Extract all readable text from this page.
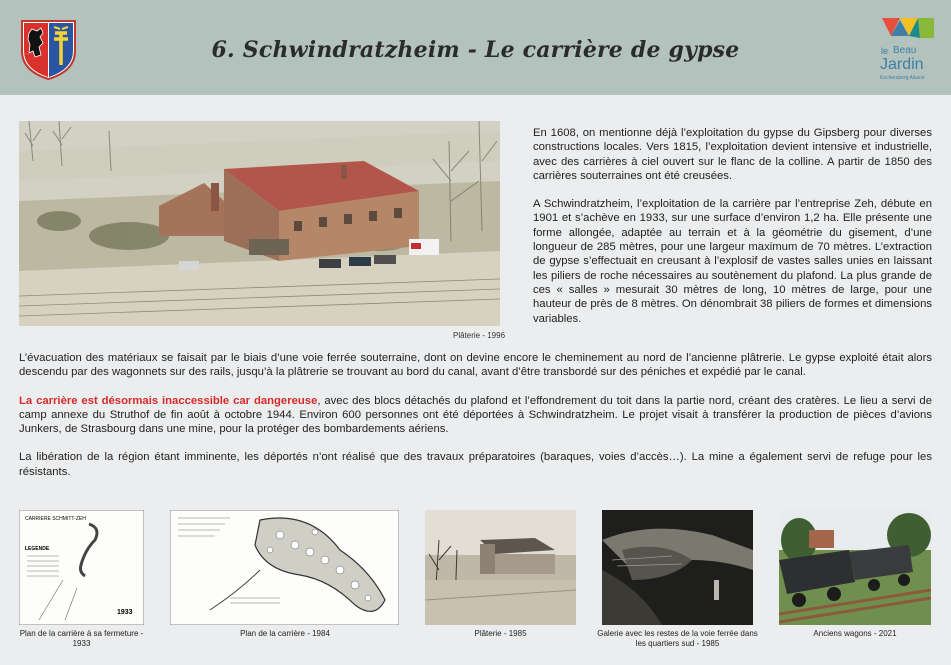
6. Schwindratzheim - Le carrière de gypse	le Beau
Jardin
Kochersberg Alsace
Plâterie - 1996

En 1608, on mentionne déjà l’exploitation du gypse du Gipsberg pour diverses constructions locales. Vers 1815, l’exploitation devient intensive et industrielle, avec des carrières à ciel ouvert sur le flanc de la colline. A partir de 1850 des carrières souterraines ont été creusées.

A Schwindratzheim, l’exploitation de la carrière par l’entreprise Zeh, débute en 1901 et s’achève en 1933, sur une surface d’environ 1,2 ha. Elle présente une forme allongée, adaptée au terrain et à la géométrie du gisement, d’une longueur de 285 mètres, pour une largeur maximum de 70 mètres. L’extraction de gypse s’effectuait en creusant à l’explosif de vastes salles unies en laissant les piliers de roche nécessaires au soutènement du plafond. La plus grande de ces « salles » mesurait 30 mètres de long, 10 mètres de large, pour une hauteur de près de 8 mètres. On dénombrait 38 piliers de formes et dimensions variables.

L’évacuation des matériaux se faisait par le biais d’une voie ferrée souterraine, dont on devine encore le cheminement au nord de l’ancienne plâtrerie. Le gypse exploité était alors descendu par des wagonnets sur des rails, jusqu’à la plâtrerie se trouvant au bord du canal, avant d’être transbordé sur des péniches et expédié par le canal.

La carrière est désormais inaccessible car dangereuse, avec des blocs détachés du plafond et l’effondrement du toit dans la partie nord, créant des cratères. Le lieu a servi de camp annexe du Struthof de fin août à octobre 1944. Environ 600 personnes ont été déportées à Schwindratzheim. Le projet visait à transférer la production de pièces d’avions Junkers, de Strasbourg dans une mine, pour la protéger des bombardements aériens.

La libération de la région étant imminente, les déportés n’ont réalisé que des travaux préparatoires (baraques, voies d’accès…). La mine a également servi de refuge pour les résistants.

CARRIERE SCHMITT-ZEH
LEGENDE
1933
Plan de la carrière à sa fermeture - 1933
Plan de la carrière - 1984	Plâterie - 1985	Galerie avec les restes de la voie ferrée dans les quartiers sud - 1985
Anciens wagons - 2021
